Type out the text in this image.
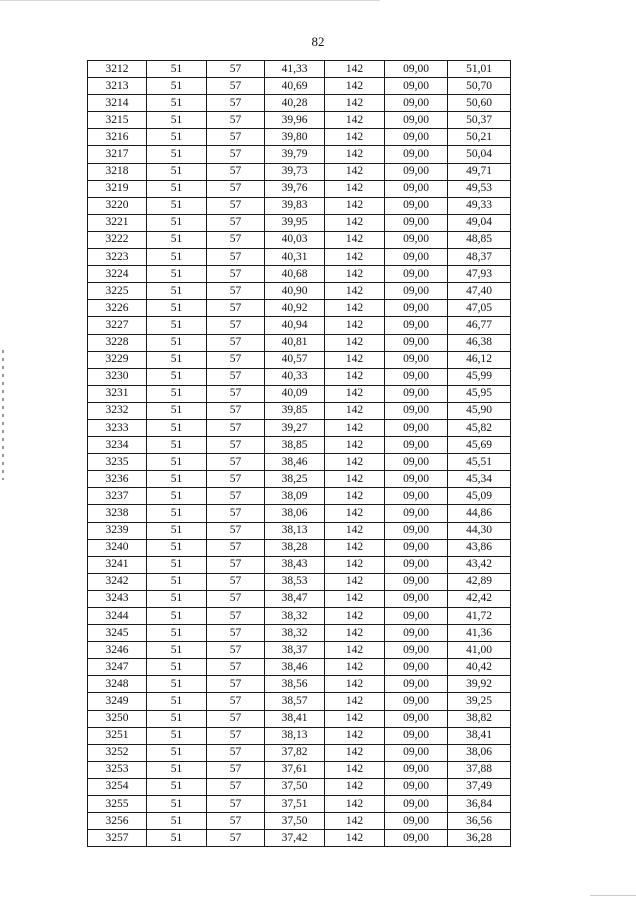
82
3212	51	57	41,33	142	09,00	51,01
3213	51	57	40,69	142	09,00	50,70
3214	51	57	40,28	142	09,00	50,60
3215	51	57	39,96	142	09,00	50,37
3216	51	57	39,80	142	09,00	50,21
3217	51	57	39,79	142	09,00	50,04
3218	51	57	39,73	142	09,00	49,71
3219	51	57	39,76	142	09,00	49,53
3220	51	57	39,83	142	09,00	49,33
3221	51	57	39,95	142	09,00	49,04
3222	51	57	40,03	142	09,00	48,85
3223	51	57	40,31	142	09,00	48,37
3224	51	57	40,68	142	09,00	47,93
3225	51	57	40,90	142	09,00	47,40
3226	51	57	40,92	142	09,00	47,05
3227	51	57	40,94	142	09,00	46,77
3228	51	57	40,81	142	09,00	46,38
3229	51	57	40,57	142	09,00	46,12
3230	51	57	40,33	142	09,00	45,99
3231	51	57	40,09	142	09,00	45,95
3232	51	57	39,85	142	09,00	45,90
3233	51	57	39,27	142	09,00	45,82
3234	51	57	38,85	142	09,00	45,69
3235	51	57	38,46	142	09,00	45,51
3236	51	57	38,25	142	09,00	45,34
3237	51	57	38,09	142	09,00	45,09
3238	51	57	38,06	142	09,00	44,86
3239	51	57	38,13	142	09,00	44,30
3240	51	57	38,28	142	09,00	43,86
3241	51	57	38,43	142	09,00	43,42
3242	51	57	38,53	142	09,00	42,89
3243	51	57	38,47	142	09,00	42,42
3244	51	57	38,32	142	09,00	41,72
3245	51	57	38,32	142	09,00	41,36
3246	51	57	38,37	142	09,00	41,00
3247	51	57	38,46	142	09,00	40,42
3248	51	57	38,56	142	09,00	39,92
3249	51	57	38,57	142	09,00	39,25
3250	51	57	38,41	142	09,00	38,82
3251	51	57	38,13	142	09,00	38,41
3252	51	57	37,82	142	09,00	38,06
3253	51	57	37,61	142	09,00	37,88
3254	51	57	37,50	142	09,00	37,49
3255	51	57	37,51	142	09,00	36,84
3256	51	57	37,50	142	09,00	36,56
3257	51	57	37,42	142	09,00	36,28
